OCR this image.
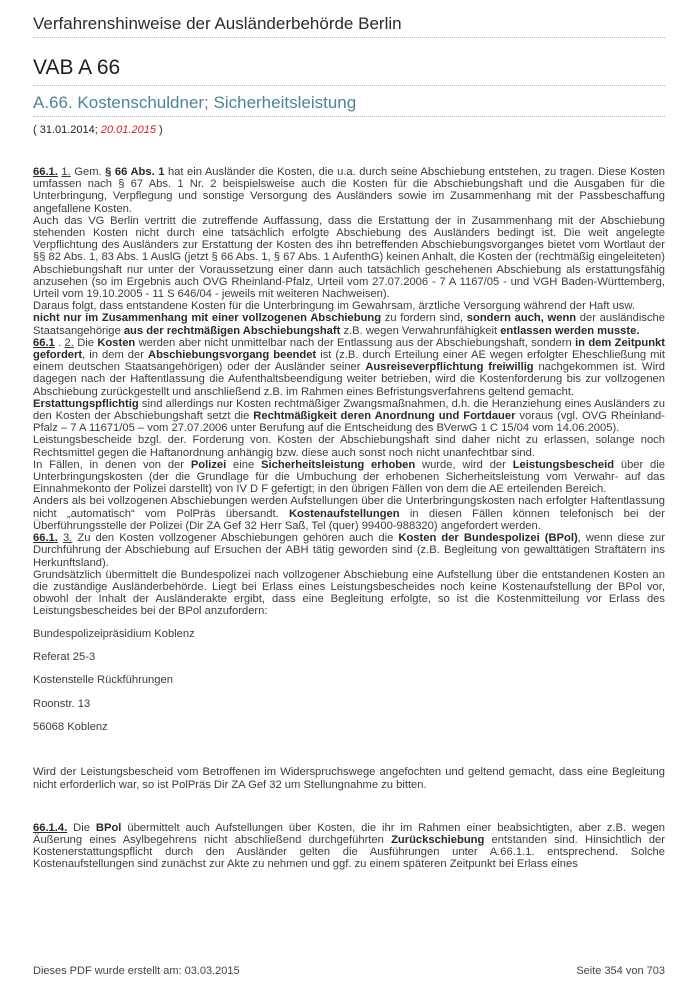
Verfahrenshinweise der Ausländerbehörde Berlin
VAB A 66
A.66. Kostenschuldner; Sicherheitsleistung
( 31.01.2014; 20.01.2015 )

66.1. 1. Gem. § 66 Abs. 1 hat ein Ausländer die Kosten, die u.a. durch seine Abschiebung entstehen, zu tragen. Diese Kosten umfassen nach § 67 Abs. 1 Nr. 2 beispielsweise auch die Kosten für die Abschiebungshaft und die Ausgaben für die Unterbringung, Verpflegung und sonstige Versorgung des Ausländers sowie im Zusammenhang mit der Passbeschaffung angefallene Kosten.

Auch das VG Berlin vertritt die zutreffende Auffassung, dass die Erstattung der in Zusammenhang mit der Abschiebung stehenden Kosten nicht durch eine tatsächlich erfolgte Abschiebung des Ausländers bedingt ist. Die weit angelegte Verpflichtung des Ausländers zur Erstattung der Kosten des ihn betreffenden Abschiebungsvorganges bietet vom Wortlaut der §§ 82 Abs. 1, 83 Abs. 1 AuslG (jetzt § 66 Abs. 1, § 67 Abs. 1 AufenthG) keinen Anhalt, die Kosten der (rechtmäßig eingeleiteten) Abschiebungshaft nur unter der Voraussetzung einer dann auch tatsächlich geschehenen Abschiebung als erstattungsfähig anzusehen (so im Ergebnis auch OVG Rheinland-Pfalz, Urteil vom 27.07.2006 - 7 A 1167/05 - und VGH Baden-Württemberg, Urteil vom 19.10.2005 - 11 S 646/04 - jeweils mit weiteren Nachweisen).

Daraus folgt, dass entstandene Kosten für die Unterbringung im Gewahrsam, ärztliche Versorgung während der Haft usw.

nicht nur im Zusammenhang mit einer vollzogenen Abschiebung zu fordern sind, sondern auch, wenn der ausländische Staatsangehörige aus der rechtmäßigen Abschiebungshaft z.B. wegen Verwahrunfähigkeit entlassen werden musste.

66.1 . 2. Die Kosten werden aber nicht unmittelbar nach der Entlassung aus der Abschiebungshaft, sondern in dem Zeitpunkt gefordert, in dem der Abschiebungsvorgang beendet ist (z.B. durch Erteilung einer AE wegen erfolgter Eheschließung mit einem deutschen Staatsangehörigen) oder der Ausländer seiner Ausreiseverpflichtung freiwillig nachgekommen ist. Wird dagegen nach der Haftentlassung die Aufenthaltsbeendigung weiter betrieben, wird die Kostenforderung bis zur vollzogenen Abschiebung zurückgestellt und anschließend z.B. im Rahmen eines Befristungsverfahrens geltend gemacht.

Erstattungspflichtig sind allerdings nur Kosten rechtmäßiger Zwangsmaßnahmen, d.h. die Heranziehung eines Ausländers zu den Kosten der Abschiebungshaft setzt die Rechtmäßigkeit deren Anordnung und Fortdauer voraus (vgl. OVG Rheinland-Pfalz – 7 A 11671/05 – vom 27.07.2006 unter Berufung auf die Entscheidung des BVerwG 1 C 15/04 vom 14.06.2005).

Leistungsbescheide bzgl. der. Forderung von. Kosten der Abschiebungshaft sind daher nicht zu erlassen, solange noch Rechtsmittel gegen die Haftanordnung anhängig bzw. diese auch sonst noch nicht unanfechtbar sind.

In Fällen, in denen von der Polizei eine Sicherheitsleistung erhoben wurde, wird der Leistungsbescheid über die Unterbringungskosten (der die Grundlage für die Umbuchung der erhobenen Sicherheitsleistung vom Verwahr- auf das Einnahmekonto der Polizei darstellt) von IV D F gefertigt; in den übrigen Fällen von dem die AE erteilenden Bereich.

Anders als bei vollzogenen Abschiebungen werden Aufstellungen über die Unterbringungskosten nach erfolgter Haftentlassung nicht „automatisch“ vom PolPräs übersandt. Kostenaufstellungen in diesen Fällen können telefonisch bei der Überführungsstelle der Polizei (Dir ZA Gef 32 Herr Saß, Tel (quer) 99400-988320) angefordert werden.

66.1. 3. Zu den Kosten vollzogener Abschiebungen gehören auch die Kosten der Bundespolizei (BPol), wenn diese zur Durchführung der Abschiebung auf Ersuchen der ABH tätig geworden sind (z.B. Begleitung von gewalttätigen Straftätern ins Herkunftsland).

Grundsätzlich übermittelt die Bundespolizei nach vollzogener Abschiebung eine Aufstellung über die entstandenen Kosten an die zuständige Ausländerbehörde. Liegt bei Erlass eines Leistungsbescheides noch keine Kostenaufstellung der BPol vor, obwohl der Inhalt der Ausländerakte ergibt, dass eine Begleitung erfolgte, so ist die Kostenmitteilung vor Erlass des Leistungsbescheides bei der BPol anzufordern:

Bundespolizeipräsidium Koblenz

Referat 25-3

Kostenstelle Rückführungen

Roonstr. 13

56068 Koblenz

Wird der Leistungsbescheid vom Betroffenen im Widerspruchswege angefochten und geltend gemacht, dass eine Begleitung nicht erforderlich war, so ist PolPräs Dir ZA Gef 32 um Stellungnahme zu bitten.

66.1.4. Die BPol übermittelt auch Aufstellungen über Kosten, die ihr im Rahmen einer beabsichtigten, aber z.B. wegen Äußerung eines Asylbegehrens nicht abschließend durchgeführten Zurückschiebung entstanden sind. Hinsichtlich der Kostenerstattungspflicht durch den Ausländer gelten die Ausführungen unter A.66.1.1. entsprechend. Solche Kostenaufstellungen sind zunächst zur Akte zu nehmen und ggf. zu einem späteren Zeitpunkt bei Erlass eines

Dieses PDF wurde erstellt am: 03.03.2015	Seite 354 von 703
